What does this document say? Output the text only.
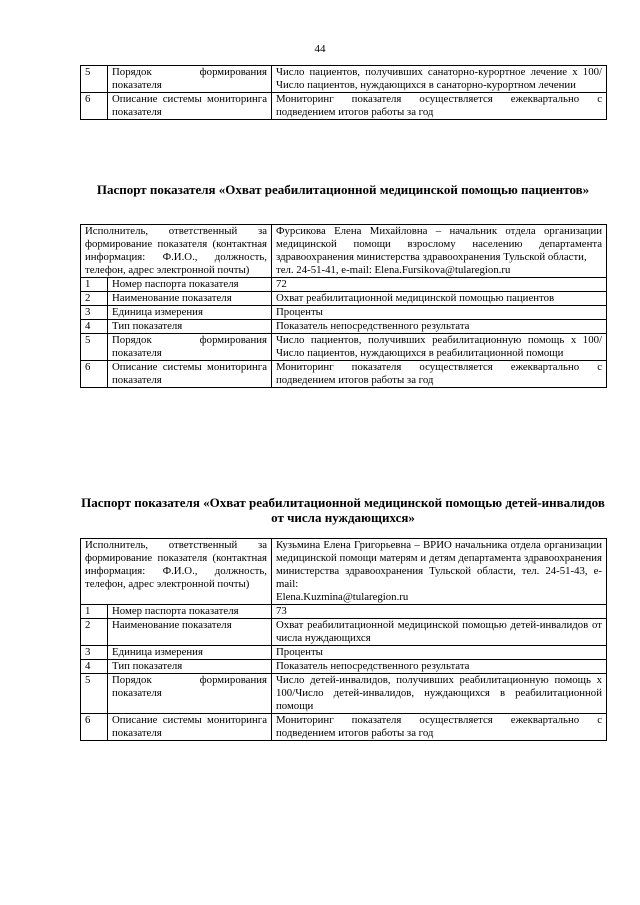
44
5	Порядок формирования показателя	Число пациентов, получивших санаторно-курортное лечение х 100/Число пациентов, нуждающихся в санаторно-курортном лечении
6	Описание системы мониторинга показателя	Мониторинг показателя осуществляется ежеквартально с подведением итогов работы за год
Паспорт показателя «Охват реабилитационной медицинской помощью пациентов»
Исполнитель, ответственный за формирование показателя (контактная информация: Ф.И.О., должность, телефон, адрес электронной почты)		Фурсикова Елена Михайловна – начальник отдела организации медицинской помощи взрослому населению департамента здравоохранения министерства здравоохранения Тульской области,
тел. 24-51-41, e-mail: Elena.Fursikova@tularegion.ru
1	Номер паспорта показателя	72
2	Наименование показателя	Охват реабилитационной медицинской помощью пациентов
3	Единица измерения	Проценты
4	Тип показателя	Показатель непосредственного результата
5	Порядок формирования показателя	Число пациентов, получивших реабилитационную помощь х 100/Число пациентов, нуждающихся в реабилитационной помощи
6	Описание системы мониторинга показателя	Мониторинг показателя осуществляется ежеквартально с подведением итогов работы за год
Паспорт показателя «Охват реабилитационной медицинской помощью детей-инвалидов от числа нуждающихся»
Исполнитель, ответственный за формирование показателя (контактная информация: Ф.И.О., должность, телефон, адрес электронной почты)		Кузьмина Елена Григорьевна – ВРИО начальника отдела организации медицинской помощи матерям и детям департамента здравоохранения министерства здравоохранения Тульской области, тел. 24-51-43, e-mail:
Elena.Kuzmina@tularegion.ru
1	Номер паспорта показателя	73
2	Наименование показателя	Охват реабилитационной медицинской помощью детей-инвалидов от числа нуждающихся
3	Единица измерения	Проценты
4	Тип показателя	Показатель непосредственного результата
5	Порядок формирования показателя	Число детей-инвалидов, получивших реабилитационную помощь х 100/Число детей-инвалидов, нуждающихся в реабилитационной помощи
6	Описание системы мониторинга показателя	Мониторинг показателя осуществляется ежеквартально с подведением итогов работы за год
